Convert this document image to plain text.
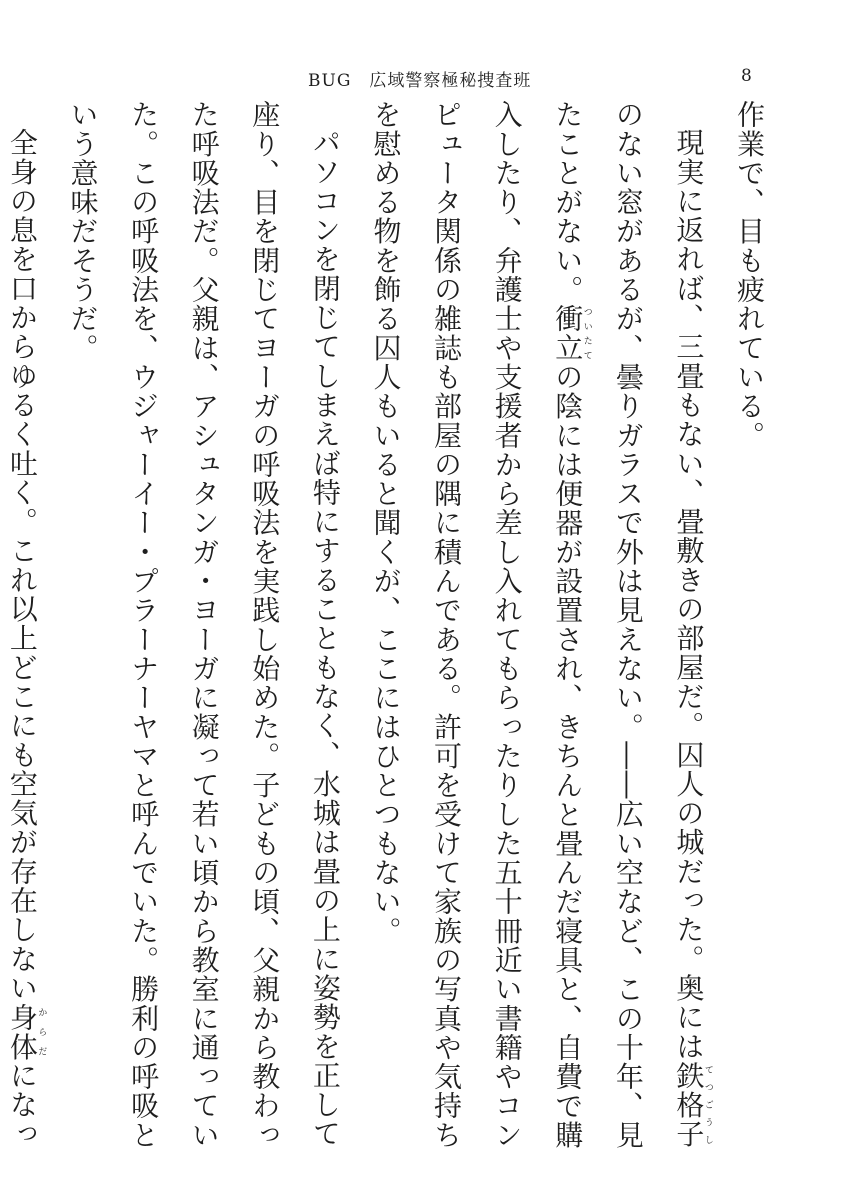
BUG　広域警察極秘捜査班	8

作業で、目も疲れている。

現実に返れば、三畳もない、畳敷きの部屋だ。囚人の城だった。奥には鉄格子てつごうしのない窓があるが、曇りガラスで外は見えない。――広い空など、この十年、見たことがない。衝つい立たての陰には便器が設置され、きちんと畳んだ寝具と、自費で購入したり、弁護士や支援者から差し入れてもらったりした五十冊近い書籍やコンピュータ関係の雑誌も部屋の隅に積んである。許可を受けて家族の写真や気持ちを慰める物を飾る囚人もいると聞くが、ここにはひとつもない。

パソコンを閉じてしまえば特にすることもなく、水城は畳の上に姿勢を正して座り、目を閉じてヨーガの呼吸法を実践し始めた。子どもの頃、父親から教わった呼吸法だ。父親は、アシュタンガ・ヨーガに凝って若い頃から教室に通っていた。この呼吸法を、ウジャーイー・プラーナーヤマと呼んでいた。勝利の呼吸という意味だそうだ。

全身の息を口からゆるく吐く。これ以上どこにも空気が存在しない身体からだになっ
